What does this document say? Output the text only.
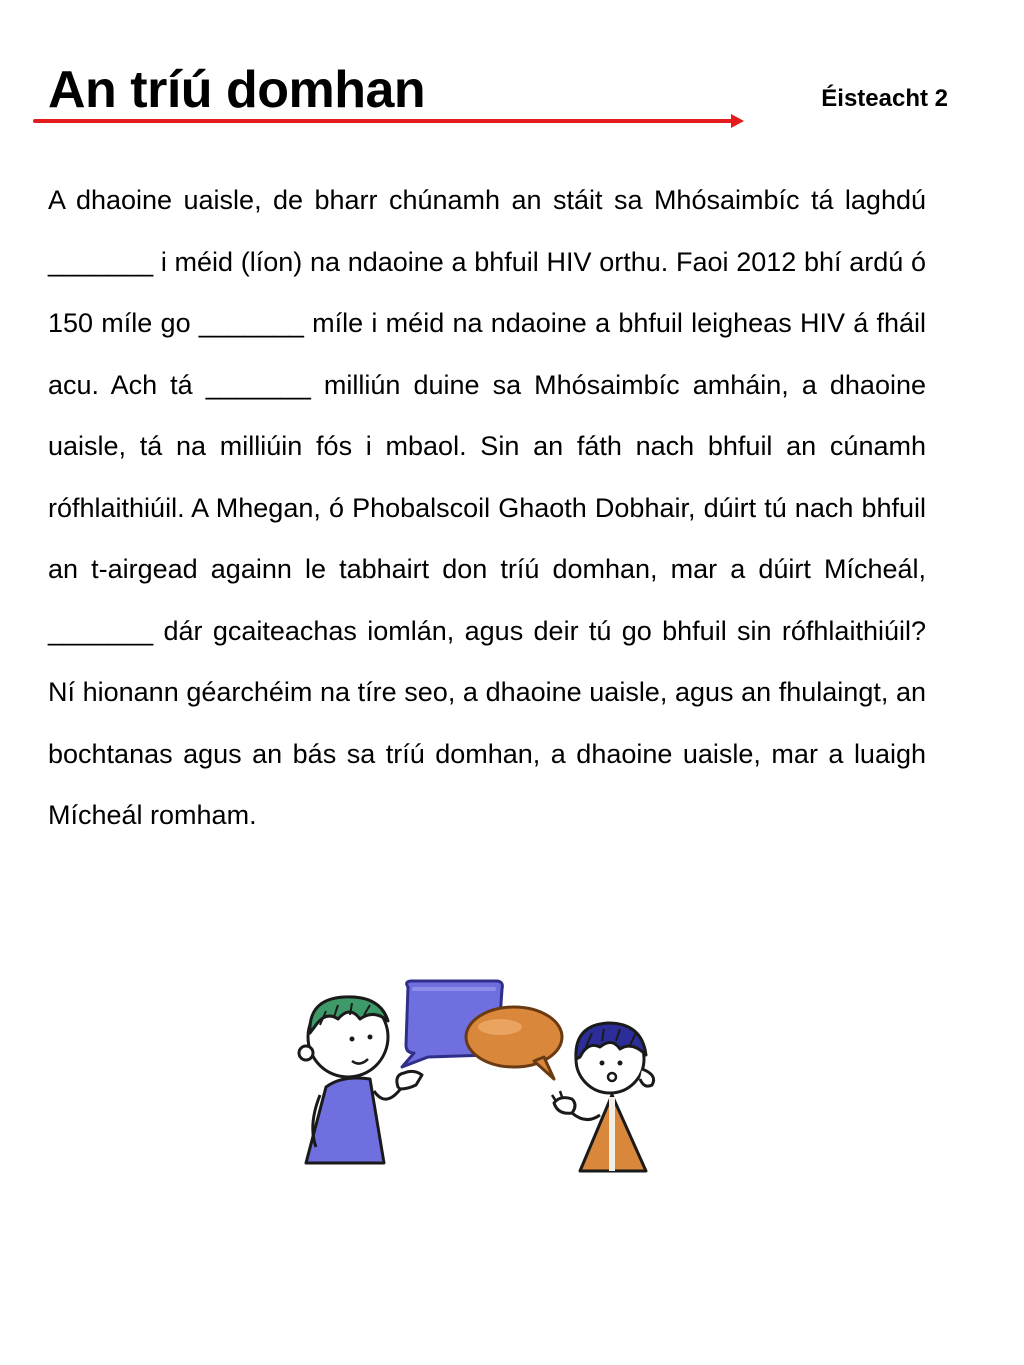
An tríú domhan	Éisteacht 2

A dhaoine uaisle, de bharr chúnamh an stáit sa Mhósaimbíc tá laghdú _______ i méid (líon) na ndaoine a bhfuil HIV orthu. Faoi 2012 bhí ardú ó 150 míle go _______ míle i méid na ndaoine a bhfuil leigheas HIV á fháil acu. Ach tá _______ milliún duine sa Mhósaimbíc amháin, a dhaoine uaisle, tá na milliúin fós i mbaol. Sin an fáth nach bhfuil an cúnamh rófhlaithiúil. A Mhegan, ó Phobalscoil Ghaoth Dobhair, dúirt tú nach bhfuil an t-airgead againn le tabhairt don tríú domhan, mar a dúirt Mícheál, _______ dár gcaiteachas iomlán, agus deir tú go bhfuil sin rófhlaithiúil? Ní hionann géarchéim na tíre seo, a dhaoine uaisle, agus an fhulaingt, an bochtanas agus an bás sa tríú domhan, a dhaoine uaisle, mar a luaigh Mícheál romham.
